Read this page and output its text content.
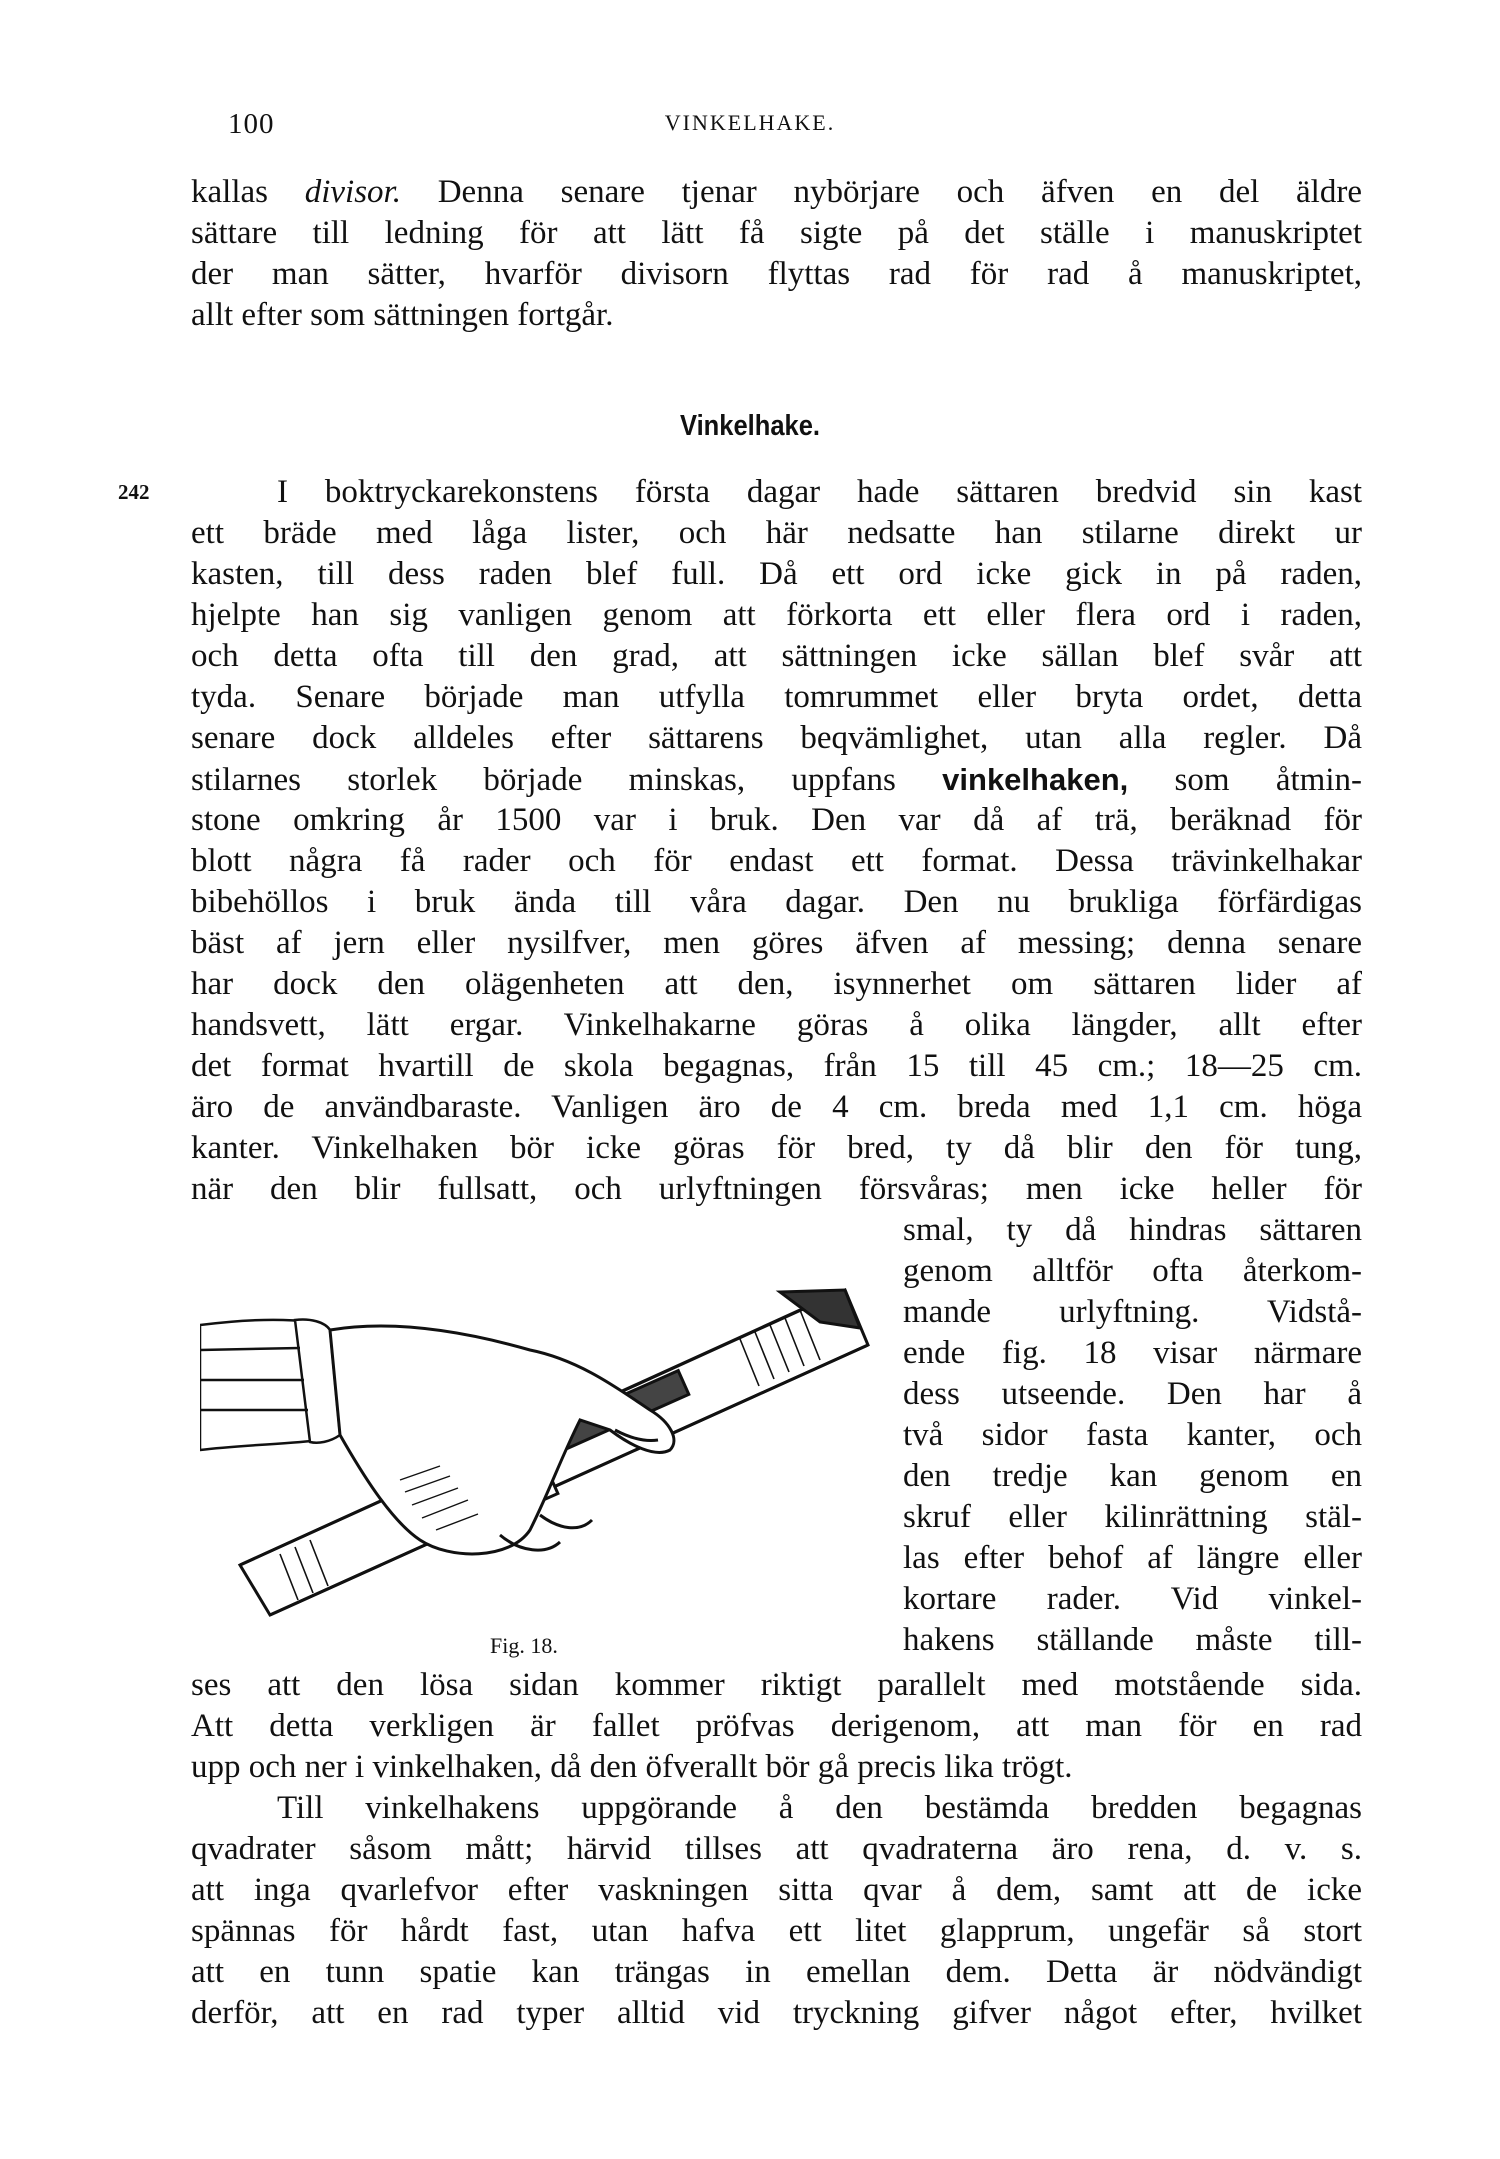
100	VINKELHAKE.
kallas divisor. Denna senare tjenar nybörjare och äfven en del äldre
sättare till ledning för att lätt få sigte på det ställe i manuskriptet
der man sätter, hvarför divisorn flyttas rad för rad å manuskriptet,
allt efter som sättningen fortgår.
Vinkelhake.
242	I boktryckarekonstens första dagar hade sättaren bredvid sin kast
ett bräde med låga lister, och här nedsatte han stilarne direkt ur
kasten, till dess raden blef full. Då ett ord icke gick in på raden,
hjelpte han sig vanligen genom att förkorta ett eller flera ord i raden,
och detta ofta till den grad, att sättningen icke sällan blef svår att
tyda. Senare började man utfylla tomrummet eller bryta ordet, detta
senare dock alldeles efter sättarens beqvämlighet, utan alla regler. Då
stilarnes storlek började minskas, uppfans vinkelhaken, som åtmin-
stone omkring år 1500 var i bruk. Den var då af trä, beräknad för
blott några få rader och för endast ett format. Dessa trävinkelhakar
bibehöllos i bruk ända till våra dagar. Den nu brukliga förfärdigas
bäst af jern eller nysilfver, men göres äfven af messing; denna senare
har dock den olägenheten att den, isynnerhet om sättaren lider af
handsvett, lätt ergar. Vinkelhakarne göras å olika längder, allt efter
det format hvartill de skola begagnas, från 15 till 45 cm.; 18—25 cm.
äro de användbaraste. Vanligen äro de 4 cm. breda med 1,1 cm. höga
kanter. Vinkelhaken bör icke göras för bred, ty då blir den för tung,
när den blir fullsatt, och urlyftningen försvåras; men icke heller för
smal, ty då hindras sättaren
genom alltför ofta återkom-
mande urlyftning. Vidstå-
ende fig. 18 visar närmare
dess utseende. Den har å
två sidor fasta kanter, och
den tredje kan genom en
skruf eller kilinrättning stäl-
las efter behof af längre eller
kortare rader. Vid vinkel-
hakens ställande måste till-
Fig. 18.
ses att den lösa sidan kommer riktigt parallelt med motstående sida.
Att detta verkligen är fallet pröfvas derigenom, att man för en rad
upp och ner i vinkelhaken, då den öfverallt bör gå precis lika trögt.
Till vinkelhakens uppgörande å den bestämda bredden begagnas
qvadrater såsom mått; härvid tillses att qvadraterna äro rena, d. v. s.
att inga qvarlefvor efter vaskningen sitta qvar å dem, samt att de icke
spännas för hårdt fast, utan hafva ett litet glapprum, ungefär så stort
att en tunn spatie kan trängas in emellan dem. Detta är nödvändigt
derför, att en rad typer alltid vid tryckning gifver något efter, hvilket
